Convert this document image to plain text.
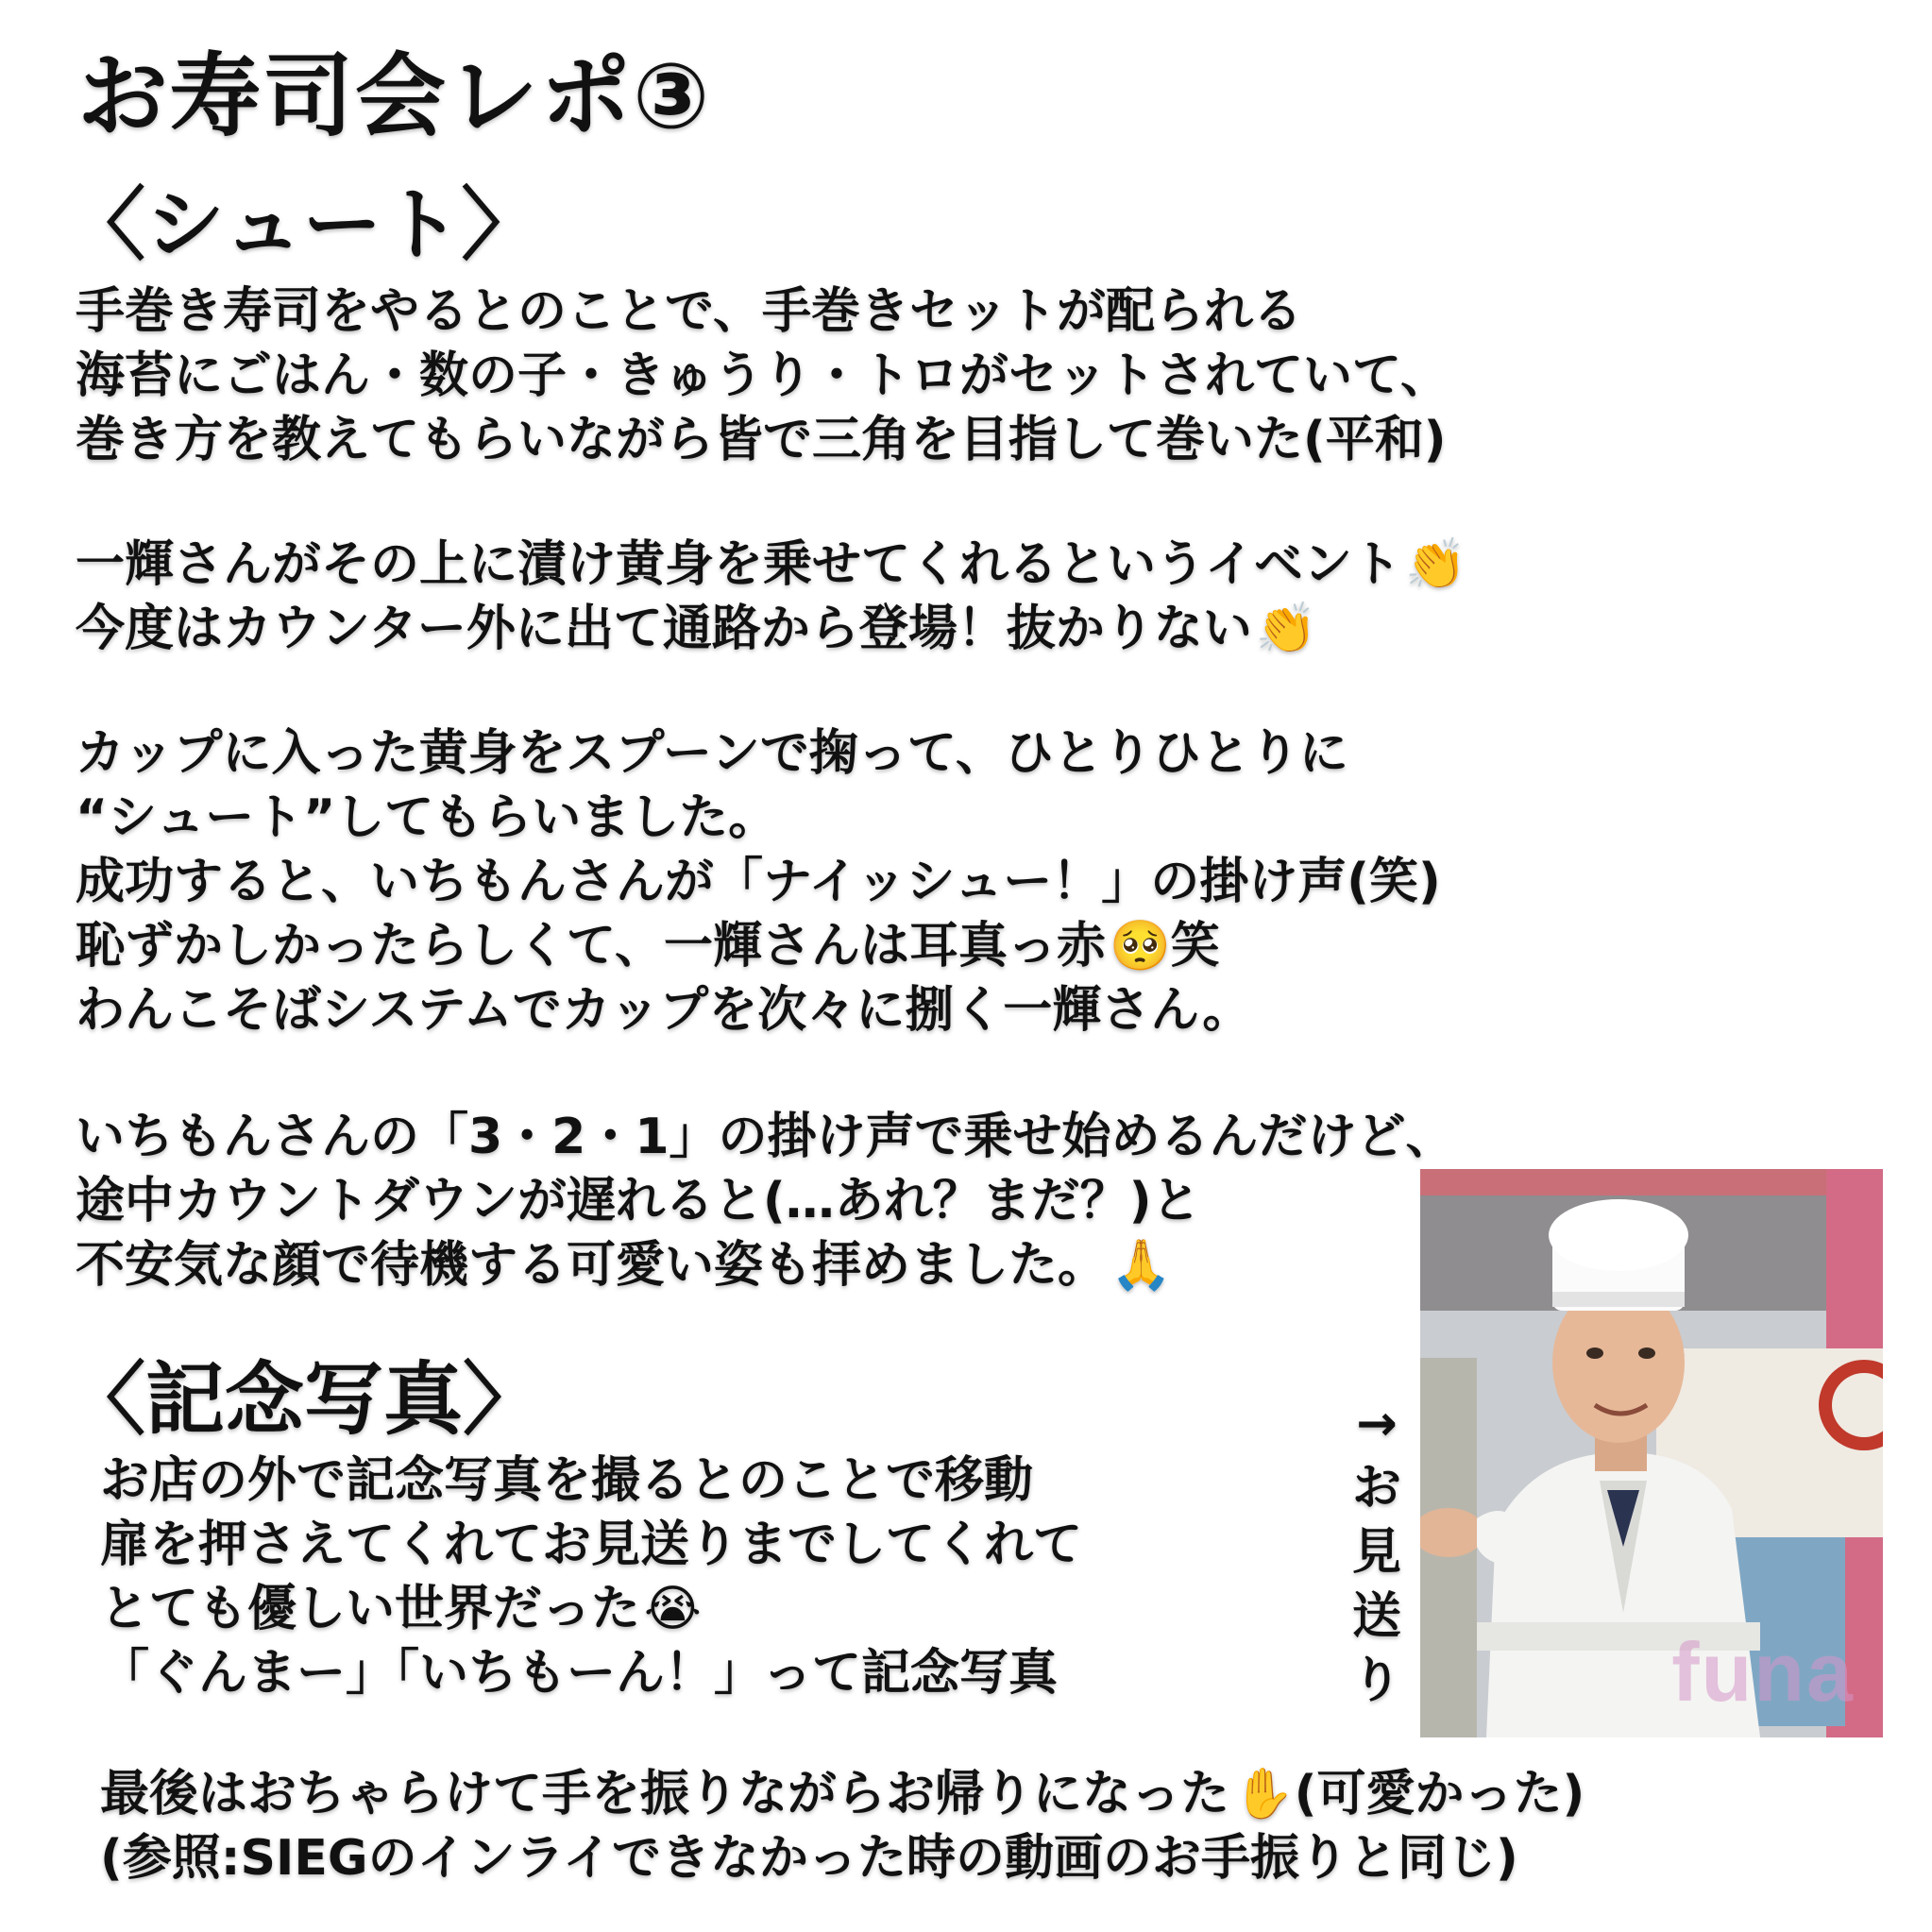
お寿司会レポ③
〈シュート〉
手巻き寿司をやるとのことで、手巻きセットが配られる
海苔にごはん・数の子・きゅうり・トロがセットされていて、
巻き方を教えてもらいながら皆で三角を目指して巻いた(平和)
一輝さんがその上に漬け黄身を乗せてくれるというイベント👏
今度はカウンター外に出て通路から登場！抜かりない👏
カップに入った黄身をスプーンで掬って、ひとりひとりに
“シュート”してもらいました。
成功すると、いちもんさんが「ナイッシュー！」の掛け声(笑)
恥ずかしかったらしくて、一輝さんは耳真っ赤🥺笑
わんこそばシステムでカップを次々に捌く一輝さん。
いちもんさんの「3・2・1」の掛け声で乗せ始めるんだけど、
途中カウントダウンが遅れると(…あれ？まだ？)と
不安気な顔で待機する可愛い姿も拝めました。🙏
〈記念写真〉
お店の外で記念写真を撮るとのことで移動
扉を押さえてくれてお見送りまでしてくれて
とても優しい世界だった😭
「ぐんまー」「いちもーん！」って記念写真
→
お
見
送
り	funa
最後はおちゃらけて手を振りながらお帰りになった✋(可愛かった)
(参照:SIEGのインライできなかった時の動画のお手振りと同じ)
